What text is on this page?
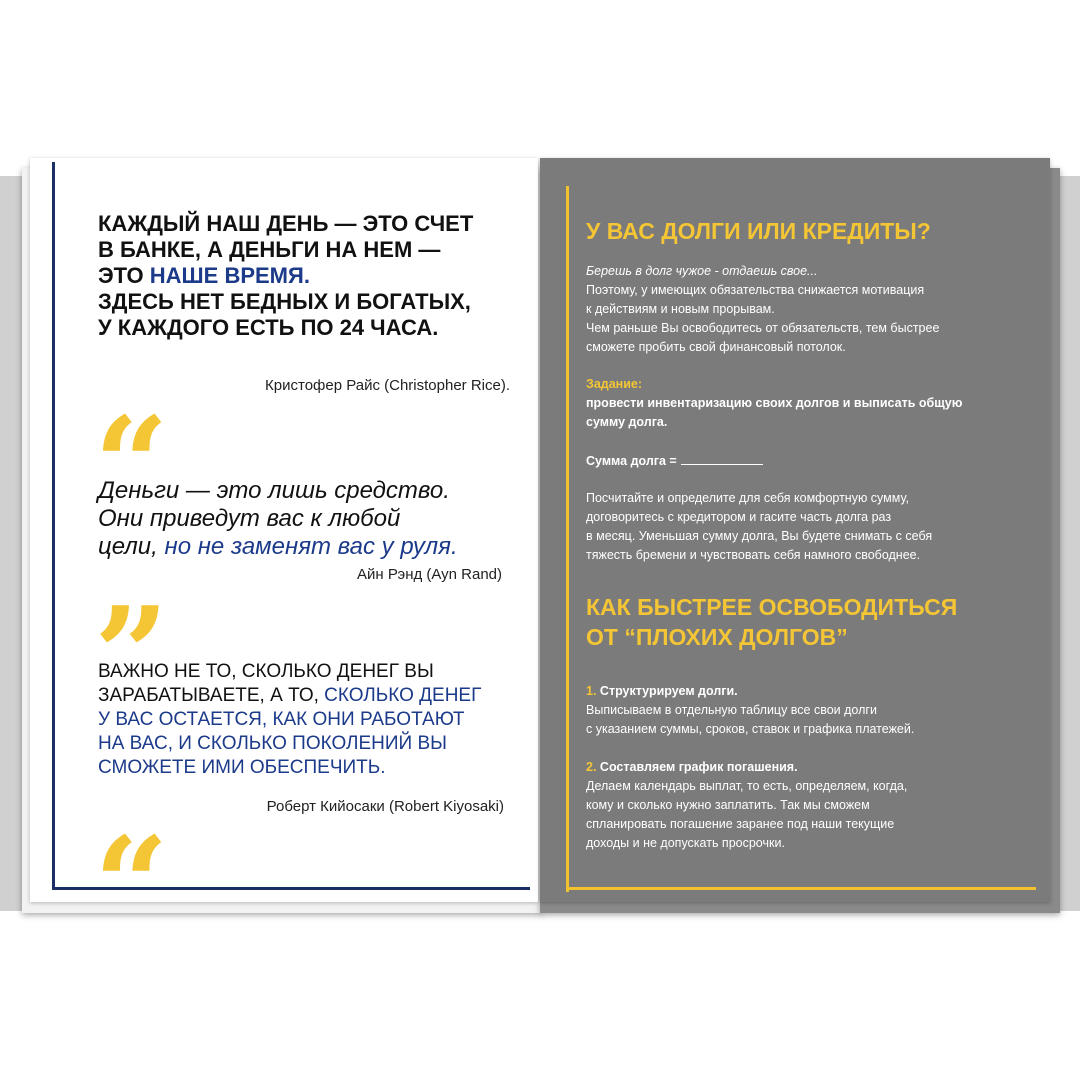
КАЖДЫЙ НАШ ДЕНЬ — ЭТО СЧЕТ
В БАНКЕ, А ДЕНЬГИ НА НЕМ —
ЭТО НАШЕ ВРЕМЯ.
ЗДЕСЬ НЕТ БЕДНЫХ И БОГАТЫХ,
У КАЖДОГО ЕСТЬ ПО 24 ЧАСА.
Кристофер Райс (Christopher Rice).
Деньги — это лишь средство.
Они приведут вас к любой
цели, но не заменят вас у руля.
Айн Рэнд (Ayn Rand)
ВАЖНО НЕ ТО, СКОЛЬКО ДЕНЕГ ВЫ
ЗАРАБАТЫВАЕТЕ, А ТО, СКОЛЬКО ДЕНЕГ
У ВАС ОСТАЕТСЯ, КАК ОНИ РАБОТАЮТ
НА ВАС, И СКОЛЬКО ПОКОЛЕНИЙ ВЫ
СМОЖЕТЕ ИМИ ОБЕСПЕЧИТЬ.
Роберт Кийосаки (Robert Kiyosaki)
У ВАС ДОЛГИ ИЛИ КРЕДИТЫ?
Берешь в долг чужое - отдаешь свое...
Поэтому, у имеющих обязательства снижается мотивация
к действиям и новым прорывам.
Чем раньше Вы освободитесь от обязательств, тем быстрее
сможете пробить свой финансовый потолок.
Задание:
провести инвентаризацию своих долгов и выписать общую
сумму долга.
Сумма долга =
Посчитайте и определите для себя комфортную сумму,
договоритесь с кредитором и гасите часть долга раз
в месяц. Уменьшая сумму долга, Вы будете снимать с себя
тяжесть бремени и чувствовать себя намного свободнее.
КАК БЫСТРЕЕ ОСВОБОДИТЬСЯ
ОТ “ПЛОХИХ ДОЛГОВ”
1. Структурируем долги.
Выписываем в отдельную таблицу все свои долги
с указанием суммы, сроков, ставок и графика платежей.
2. Составляем график погашения.
Делаем календарь выплат, то есть, определяем, когда,
кому и сколько нужно заплатить. Так мы сможем
спланировать погашение заранее под наши текущие
доходы и не допускать просрочки.
